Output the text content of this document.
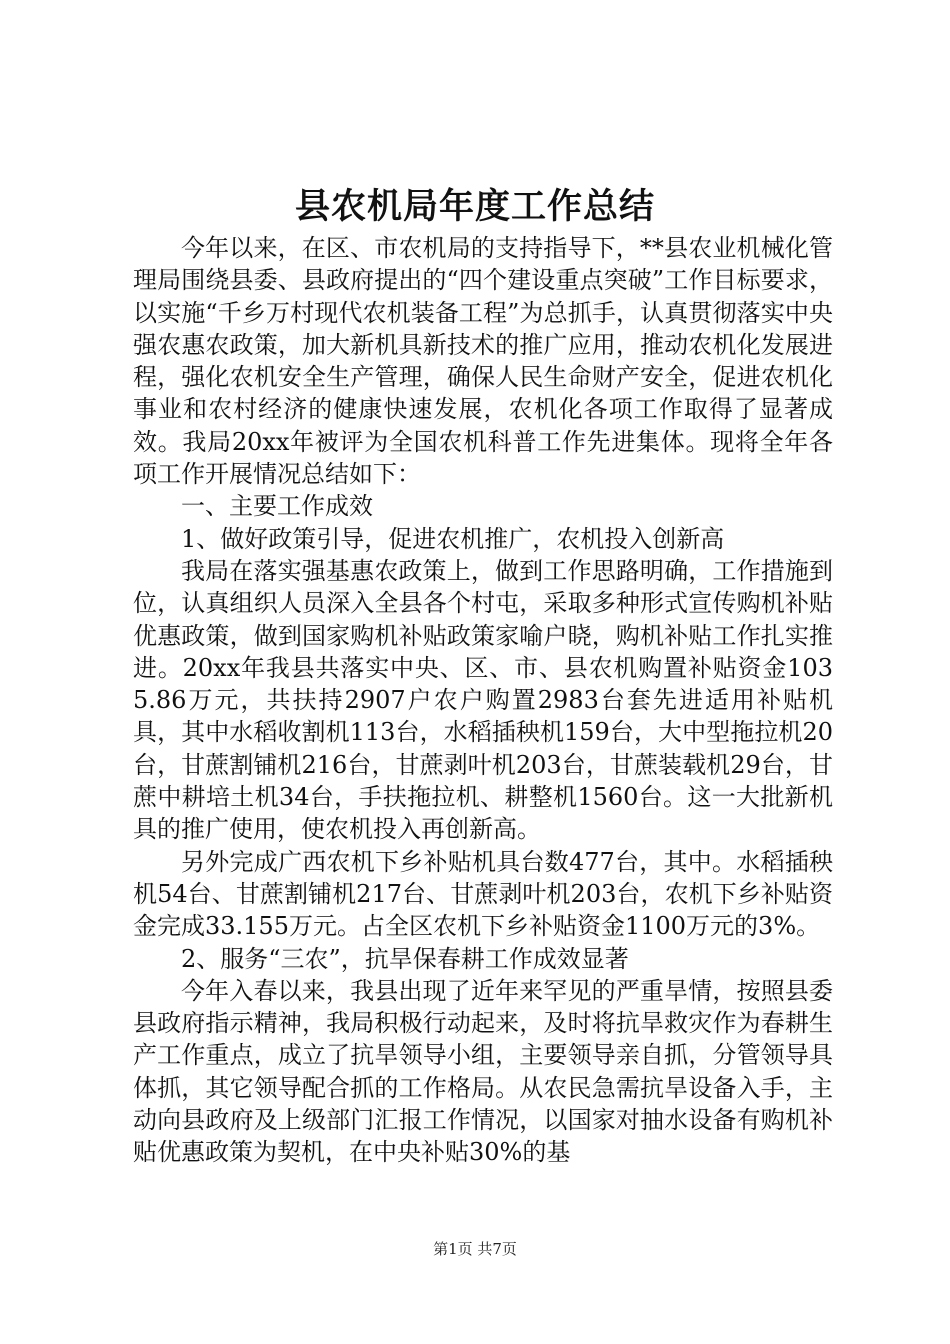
县农机局年度工作总结

今年以来，在区、市农机局的支持指导下，**县农业机械化管理局围绕县委、县政府提出的“四个建设重点突破”工作目标要求，以实施“千乡万村现代农机装备工程”为总抓手，认真贯彻落实中央强农惠农政策，加大新机具新技术的推广应用，推动农机化发展进程，强化农机安全生产管理，确保人民生命财产安全，促进农机化事业和农村经济的健康快速发展，农机化各项工作取得了显著成效。我局20xx年被评为全国农机科普工作先进集体。现将全年各项工作开展情况总结如下：

一、主要工作成效

1、做好政策引导，促进农机推广，农机投入创新高

我局在落实强基惠农政策上，做到工作思路明确，工作措施到位，认真组织人员深入全县各个村屯，采取多种形式宣传购机补贴优惠政策，做到国家购机补贴政策家喻户晓，购机补贴工作扎实推进。20xx年我县共落实中央、区、市、县农机购置补贴资金1035.86万元，共扶持2907户农户购置2983台套先进适用补贴机具，其中水稻收割机113台，水稻插秧机159台，大中型拖拉机20台，甘蔗割铺机216台，甘蔗剥叶机203台，甘蔗装载机29台，甘蔗中耕培土机34台，手扶拖拉机、耕整机1560台。这一大批新机具的推广使用，使农机投入再创新高。

另外完成广西农机下乡补贴机具台数477台，其中。水稻插秧机54台、甘蔗割铺机217台、甘蔗剥叶机203台，农机下乡补贴资金完成33.155万元。占全区农机下乡补贴资金1100万元的3%。

2、服务“三农”，抗旱保春耕工作成效显著

今年入春以来，我县出现了近年来罕见的严重旱情，按照县委县政府指示精神，我局积极行动起来，及时将抗旱救灾作为春耕生产工作重点，成立了抗旱领导小组，主要领导亲自抓，分管领导具体抓，其它领导配合抓的工作格局。从农民急需抗旱设备入手，主动向县政府及上级部门汇报工作情况，以国家对抽水设备有购机补贴优惠政策为契机，在中央补贴30%的基

第1页 共7页
